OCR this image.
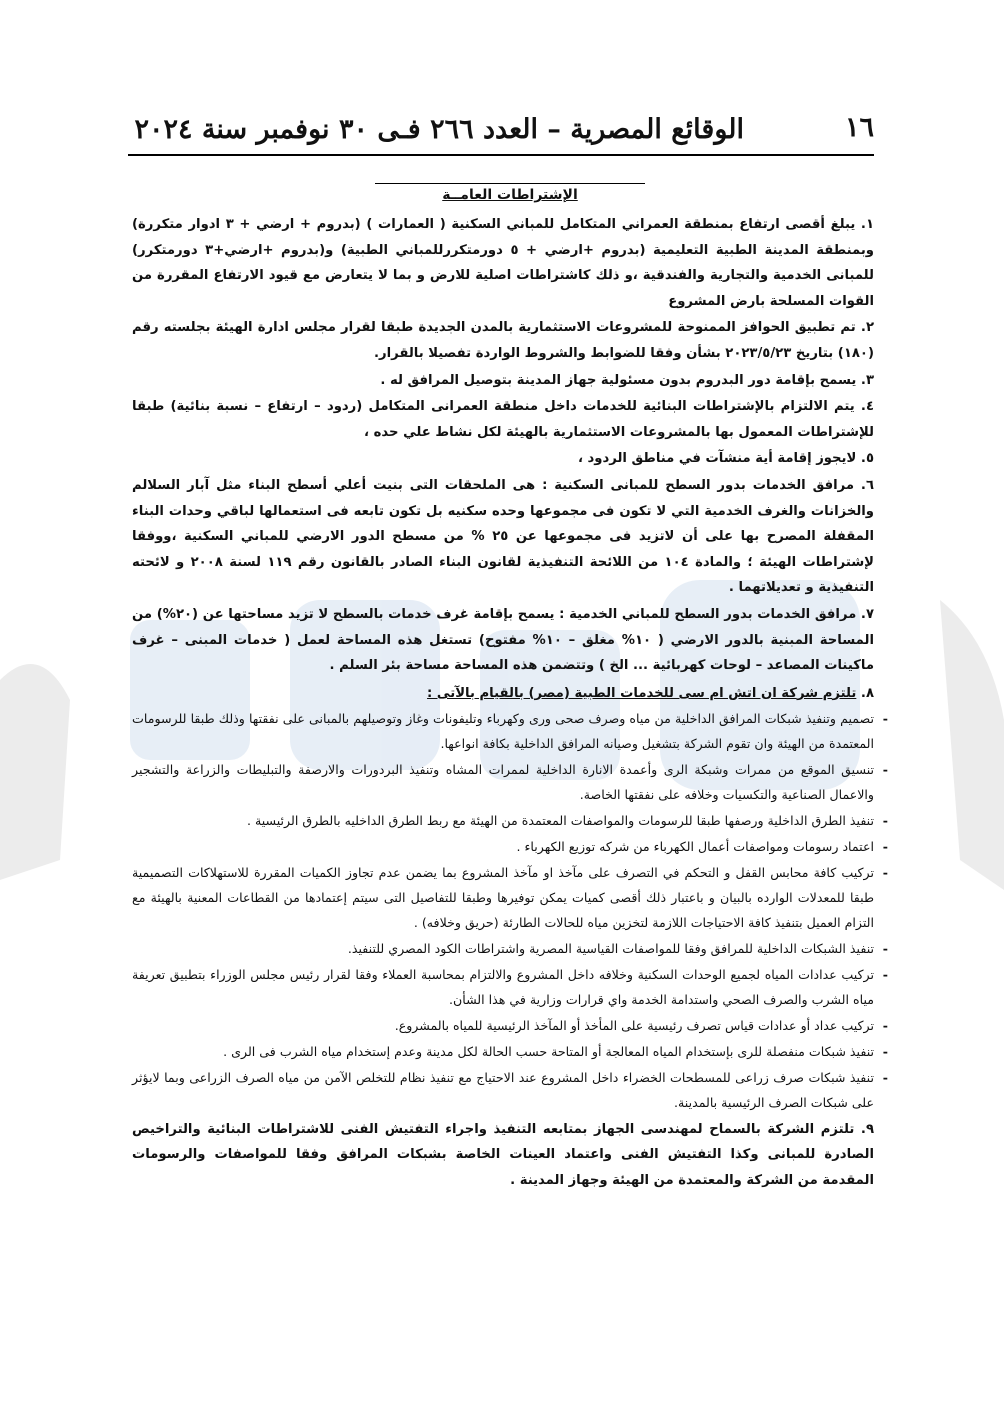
١٦
الوقائع المصرية – العدد ٢٦٦ فـى ٣٠ نوفمبر سنة ٢٠٢٤
الإشتراطات العامــة

١. يبلغ أقصى ارتفاع بمنطقة العمراني المتكامل للمباني السكنية ( العمارات ) (بدروم + ارضي + ٣ ادوار متكررة) وبمنطقة المدينة الطبية التعليمية (بدروم +ارضي + ٥ دورمتكررللمباني الطبية) و(بدروم +ارضي+٣ دورمتكرر) للمبانى الخدمية والتجارية والفندقية ،و ذلك كاشتراطات اصلية للارض و بما لا يتعارض مع قيود الارتفاع المقررة من القوات المسلحة بارض المشروع

٢. تم تطبيق الحوافز الممنوحة للمشروعات الاستثمارية بالمدن الجديدة طبقا لقرار مجلس ادارة الهيئة بجلسته رقم (١٨٠) بتاريخ ٢٠٢٣/٥/٢٣ بشأن وفقا للضوابط والشروط الواردة تفصيلا بالقرار.

٣. يسمح بإقامة دور البدروم بدون مسئولية جهاز المدينة بتوصيل المرافق له .

٤. يتم الالتزام بالإشتراطات البنائية للخدمات داخل منطقة العمرانى المتكامل (ردود – ارتفاع – نسبة بنائية) طبقا للإشتراطات المعمول بها بالمشروعات الاستثمارية بالهيئة لكل نشاط علي حده ،

٥. لايجوز إقامة أية منشآت في مناطق الردود ،

٦. مرافق الخدمات بدور السطح للمبانى السكنية : هى الملحقات التى بنيت أعلي أسطح البناء مثل آبار السلالم والخزانات والغرف الخدمية التي لا تكون فى مجموعها وحده سكنيه بل تكون تابعه فى استعمالها لباقي وحدات البناء المقفلة المصرح بها على أن لاتزيد فى مجموعها عن ٢٥ % من مسطح الدور الارضي للمباني السكنية ،ووفقا لإشتراطات الهيئة ؛ والمادة ١٠٤ من اللائحة التنفيذية لقانون البناء الصادر بالقانون رقم ١١٩ لسنة ٢٠٠٨ و لائحته التنفيذية و تعديلاتهما .

٧. مرافق الخدمات بدور السطح للمباني الخدمية : يسمح بإقامة غرف خدمات بالسطح لا تزيد مساحتها عن (٢٠%) من المساحة المبنية بالدور الارضي ( ١٠% مغلق – ١٠% مفتوح) تستغل هذه المساحة لعمل ( خدمات المبنى – غرف ماكينات المصاعد – لوحات كهربائية ... الخ ) وتتضمن هذه المساحة مساحة بئر السلم .

٨. تلتزم شركة ان اتش ام سى للخدمات الطبية (مصر) بالقيام بالآتى :

-
تصميم وتنفيذ شبكات المرافق الداخلية من مياه وصرف صحى ورى وكهرباء وتليفونات وغاز وتوصيلهم بالمبانى على نفقتها وذلك طبقا للرسومات المعتمدة من الهيئة وان تقوم الشركة بتشغيل وصيانه المرافق الداخلية بكافة انواعها.
-
تنسيق الموقع من ممرات وشبكة الرى وأعمدة الانارة الداخلية لممرات المشاه وتنفيذ البردورات والارصفة والتبليطات والزراعة والتشجير والاعمال الصناعية والتكسيات وخلافه على نفقتها الخاصة.
-
تنفيذ الطرق الداخلية ورصفها طبقا للرسومات والمواصفات المعتمدة من الهيئة مع ربط الطرق الداخليه بالطرق الرئيسية .
-
اعتماد رسومات ومواصفات أعمال الكهرباء من شركه توزيع الكهرباء .
-
تركيب كافة محابس القفل و التحكم في التصرف على مآخذ او مآخذ المشروع بما يضمن عدم تجاوز الكميات المقررة للاستهلاكات التصميمية طبقا للمعدلات الوارده بالبيان و باعتبار ذلك أقصى كميات يمكن توفيرها وطبقا للتفاصيل التى سيتم إعتمادها من القطاعات المعنية بالهيئة مع التزام العميل بتنفيذ كافة الاحتياجات اللازمة لتخزين مياه للحالات الطارئة (حريق وخلافه) .
-
تنفيذ الشبكات الداخلية للمرافق وفقا للمواصفات القياسية المصرية واشتراطات الكود المصري للتنفيذ.
-
تركيب عدادات المياه لجميع الوحدات السكنية وخلافه داخل المشروع والالتزام بمحاسبة العملاء وفقا لقرار رئيس مجلس الوزراء بتطبيق تعريفة مياه الشرب والصرف الصحي واستدامة الخدمة واي قرارات وزارية في هذا الشأن.
-
تركيب عداد أو عدادات قياس تصرف رئيسية على المأخذ أو المآخذ الرئيسية للمياه بالمشروع.
-
تنفيذ شبكات منفصلة للرى بإستخدام المياه المعالجة أو المتاحة حسب الحالة لكل مدينة وعدم إستخدام مياه الشرب فى الرى .
-
تنفيذ شبكات صرف زراعى للمسطحات الخضراء داخل المشروع عند الاحتياج مع تنفيذ نظام للتخلص الآمن من مياه الصرف الزراعى وبما لايؤثر على شبكات الصرف الرئيسية بالمدينة.

٩. تلتزم الشركة بالسماح لمهندسى الجهاز بمتابعه التنفيذ واجراء التفتيش الفنى للاشتراطات البنائية والتراخيص الصادرة للمبانى وكذا التفتيش الفنى واعتماد العينات الخاصة بشبكات المرافق وفقا للمواصفات والرسومات المقدمة من الشركة والمعتمدة من الهيئة وجهاز المدينة .
